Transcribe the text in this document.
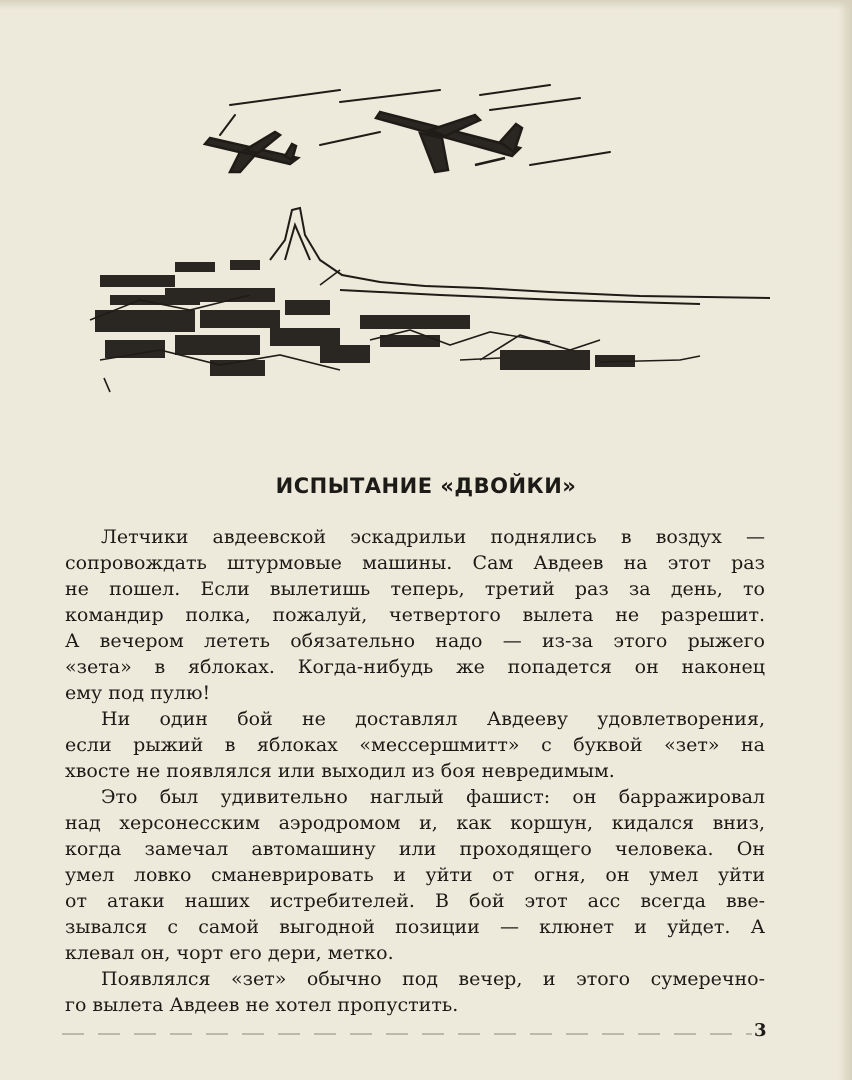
ИСПЫТАНИЕ «ДВОЙКИ»

Летчики авдеевской эскадрильи поднялись в воздух —
сопровождать штурмовые машины. Сам Авдеев на этот раз
не пошел. Если вылетишь теперь, третий раз за день, то
командир полка, пожалуй, четвертого вылета не разрешит.
А вечером лететь обязательно надо — из-за этого рыжего
«зета» в яблоках. Когда-нибудь же попадется он наконец
ему под пулю!

Ни один бой не доставлял Авдееву удовлетворения,
если рыжий в яблоках «мессершмитт» с буквой «зет» на
хвосте не появлялся или выходил из боя невредимым.

Это был удивительно наглый фашист: он барражировал
над херсонесским аэродромом и, как коршун, кидался вниз,
когда замечал автомашину или проходящего человека. Он
умел ловко сманеврировать и уйти от огня, он умел уйти
от атаки наших истребителей. В бой этот асс всегда вве-
зывался с самой выгодной позиции — клюнет и уйдет. А
клевал он, чорт его дери, метко.

Появлялся «зет» обычно под вечер, и этого сумеречно-
го вылета Авдеев не хотел пропустить.

3
